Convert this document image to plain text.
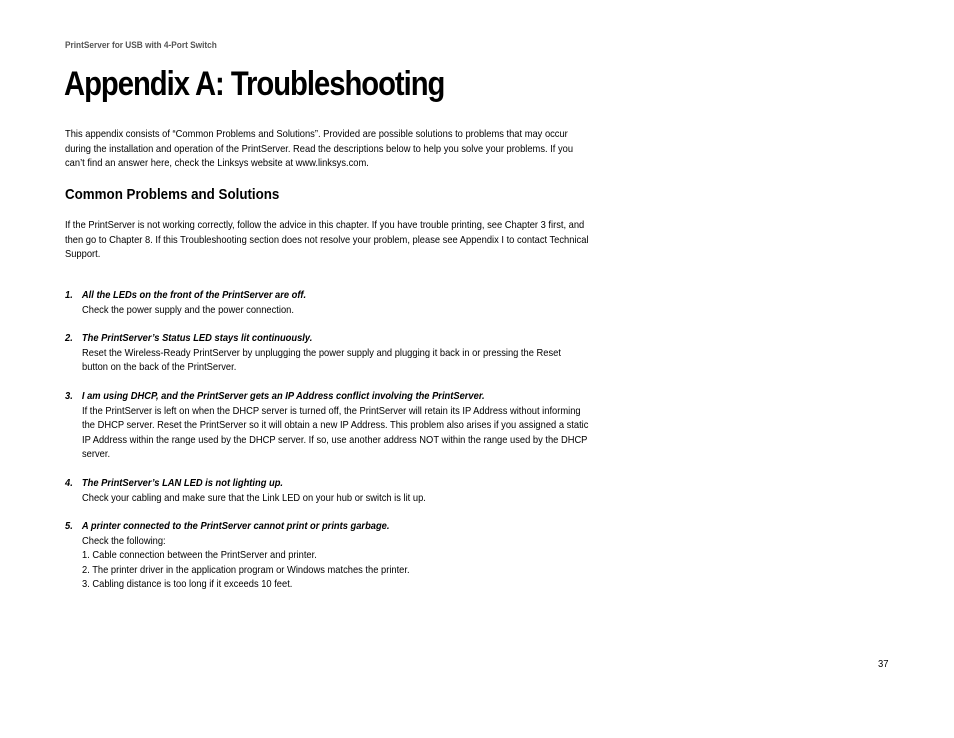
PrintServer for USB with 4-Port Switch
Appendix A: Troubleshooting

This appendix consists of “Common Problems and Solutions”. Provided are possible solutions to problems that may occur during the installation and operation of the PrintServer. Read the descriptions below to help you solve your problems. If you can’t find an answer here, check the Linksys website at www.linksys.com.

Common Problems and Solutions

If the PrintServer is not working correctly, follow the advice in this chapter. If you have trouble printing, see Chapter 3 first, and then go to Chapter 8. If this Troubleshooting section does not resolve your problem, please see Appendix I to contact Technical Support.

1. All the LEDs on the front of the PrintServer are off.
Check the power supply and the power connection.
2. The PrintServer’s Status LED stays lit continuously.
Reset the Wireless-Ready PrintServer by unplugging the power supply and plugging it back in or pressing the Reset button on the back of the PrintServer.
3. I am using DHCP, and the PrintServer gets an IP Address conflict involving the PrintServer.
If the PrintServer is left on when the DHCP server is turned off, the PrintServer will retain its IP Address without informing the DHCP server. Reset the PrintServer so it will obtain a new IP Address. This problem also arises if you assigned a static IP Address within the range used by the DHCP server. If so, use another address NOT within the range used by the DHCP server.
4. The PrintServer’s LAN LED is not lighting up.
Check your cabling and make sure that the Link LED on your hub or switch is lit up.
5. A printer connected to the PrintServer cannot print or prints garbage.
Check the following:
1. Cable connection between the PrintServer and printer.
2. The printer driver in the application program or Windows matches the printer.
3. Cabling distance is too long if it exceeds 10 feet.
37
